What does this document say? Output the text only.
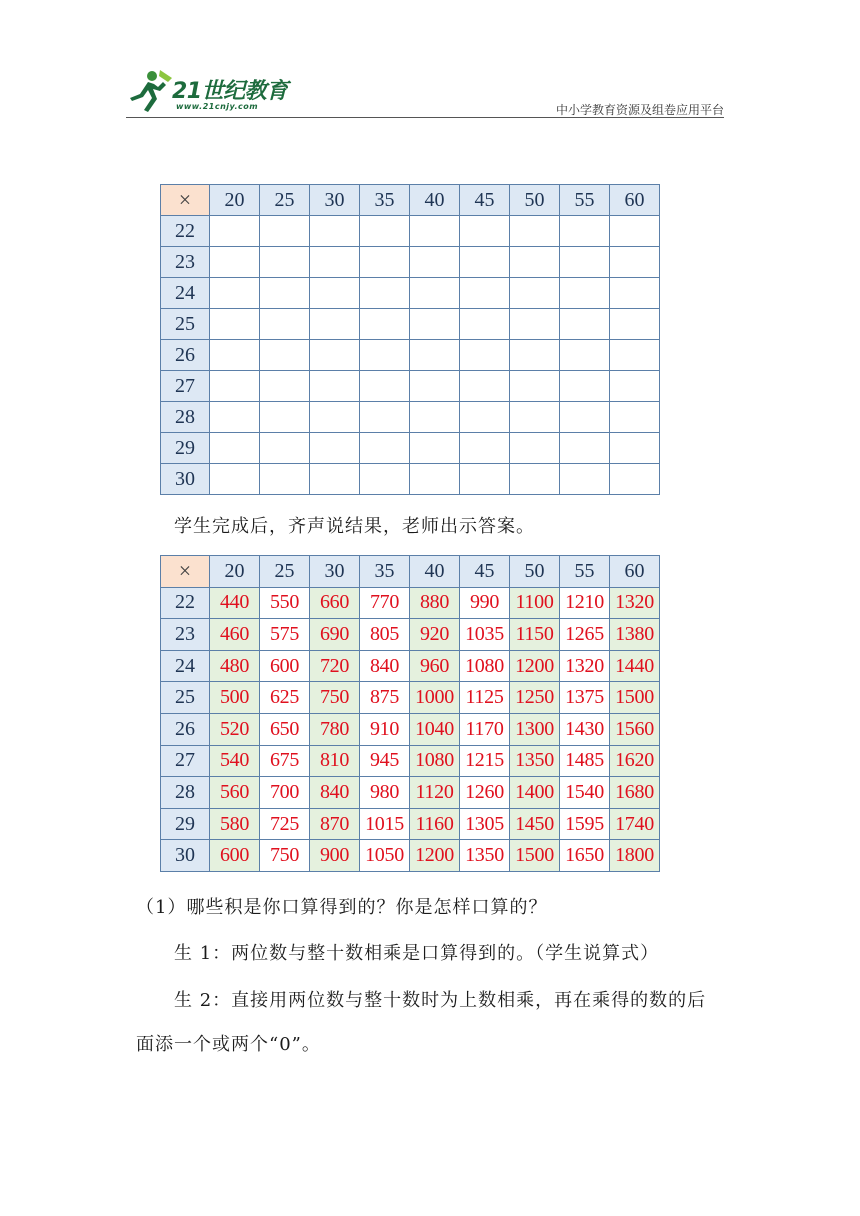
21世纪教育
www.21cnjy.com	中小学教育资源及组卷应用平台
×	20	25	30	35	40	45	50	55	60
22									
23									
24									
25									
26									
27									
28									
29									
30									
学生完成后，齐声说结果，老师出示答案。
×	20	25	30	35	40	45	50	55	60
22	440	550	660	770	880	990	1100	1210	1320
23	460	575	690	805	920	1035	1150	1265	1380
24	480	600	720	840	960	1080	1200	1320	1440
25	500	625	750	875	1000	1125	1250	1375	1500
26	520	650	780	910	1040	1170	1300	1430	1560
27	540	675	810	945	1080	1215	1350	1485	1620
28	560	700	840	980	1120	1260	1400	1540	1680
29	580	725	870	1015	1160	1305	1450	1595	1740
30	600	750	900	1050	1200	1350	1500	1650	1800
（1）哪些积是你口算得到的？你是怎样口算的？
生 1：两位数与整十数相乘是口算得到的。（学生说算式）
生 2：直接用两位数与整十数时为上数相乘，再在乘得的数的后
面添一个或两个“0”。
